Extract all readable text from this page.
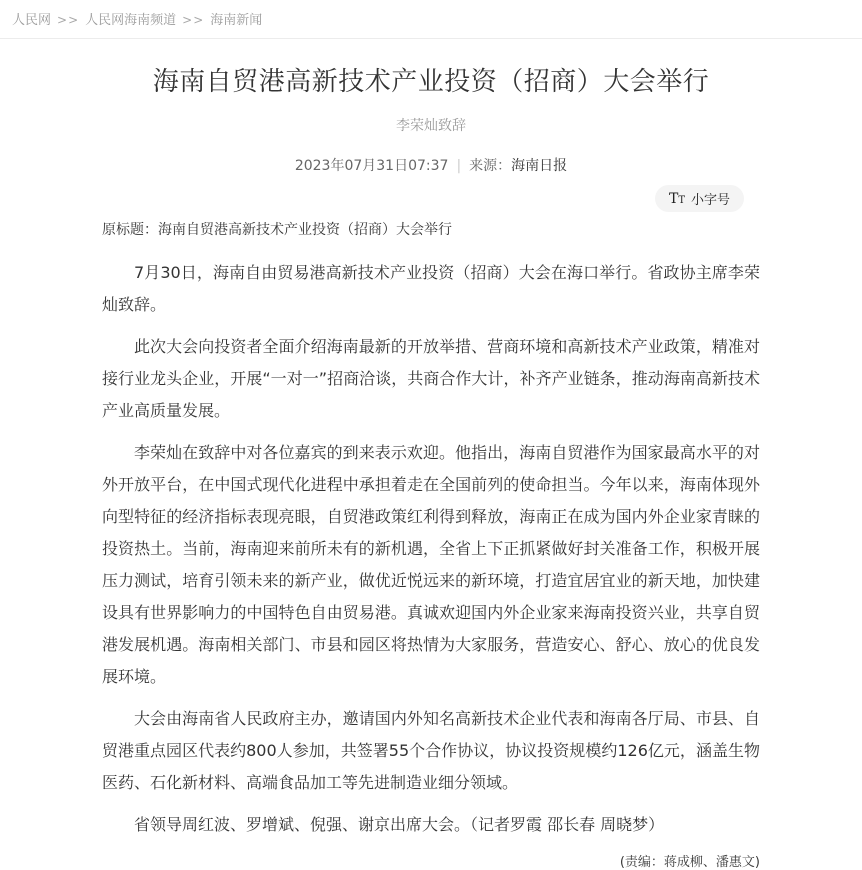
人民网 >> 人民网海南频道 >> 海南新闻
海南自贸港高新技术产业投资（招商）大会举行
李荣灿致辞
2023年07月31日07:37 | 来源：海南日报
T T 小字号
原标题：海南自贸港高新技术产业投资（招商）大会举行

7月30日，海南自由贸易港高新技术产业投资（招商）大会在海口举行。省政协主席李荣灿致辞。

此次大会向投资者全面介绍海南最新的开放举措、营商环境和高新技术产业政策，精准对接行业龙头企业，开展“一对一”招商洽谈，共商合作大计，补齐产业链条，推动海南高新技术产业高质量发展。

李荣灿在致辞中对各位嘉宾的到来表示欢迎。他指出，海南自贸港作为国家最高水平的对外开放平台，在中国式现代化进程中承担着走在全国前列的使命担当。今年以来，海南体现外向型特征的经济指标表现亮眼，自贸港政策红利得到释放，海南正在成为国内外企业家青睐的投资热土。当前，海南迎来前所未有的新机遇，全省上下正抓紧做好封关准备工作，积极开展压力测试，培育引领未来的新产业，做优近悦远来的新环境，打造宜居宜业的新天地，加快建设具有世界影响力的中国特色自由贸易港。真诚欢迎国内外企业家来海南投资兴业，共享自贸港发展机遇。海南相关部门、市县和园区将热情为大家服务，营造安心、舒心、放心的优良发展环境。

大会由海南省人民政府主办，邀请国内外知名高新技术企业代表和海南各厅局、市县、自贸港重点园区代表约800人参加，共签署55个合作协议，协议投资规模约126亿元，涵盖生物医药、石化新材料、高端食品加工等先进制造业细分领域。

省领导周红波、罗增斌、倪强、谢京出席大会。（记者罗霞 邵长春 周晓梦）

(责编：蒋成柳、潘惠文)
